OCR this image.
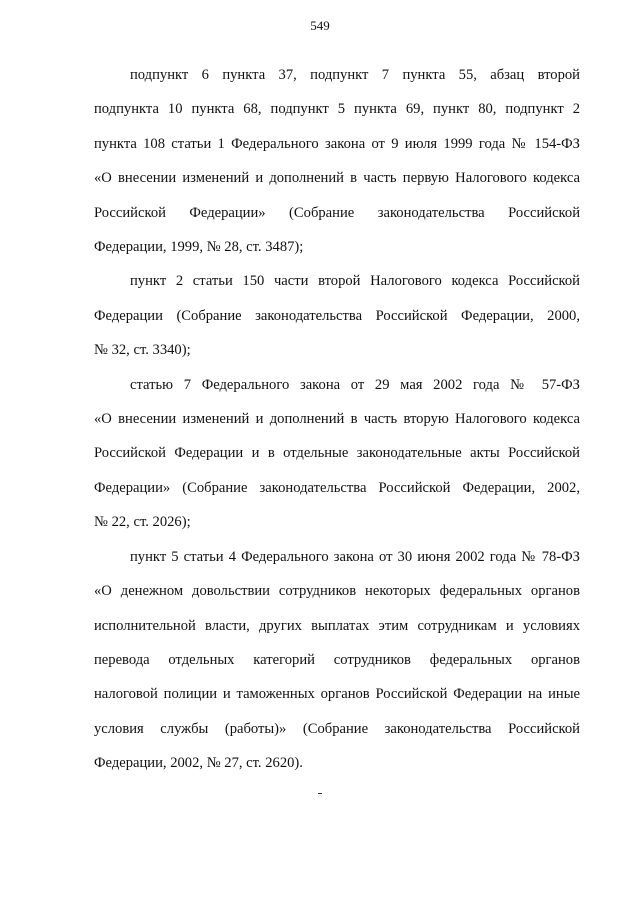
549
подпункт 6 пункта 37, подпункт 7 пункта 55, абзац второй
подпункта 10 пункта 68, подпункт 5 пункта 69, пункт 80, подпункт 2
пункта 108 статьи 1 Федерального закона от 9 июля 1999 года № 154-ФЗ
«О внесении изменений и дополнений в часть первую Налогового кодекса
Российской Федерации» (Собрание законодательства Российской
Федерации, 1999, № 28, ст. 3487);
пункт 2 статьи 150 части второй Налогового кодекса Российской
Федерации (Собрание законодательства Российской Федерации, 2000,
№ 32, ст. 3340);
статью 7 Федерального закона от 29 мая 2002 года № 57-ФЗ
«О внесении изменений и дополнений в часть вторую Налогового кодекса
Российской Федерации и в отдельные законодательные акты Российской
Федерации» (Собрание законодательства Российской Федерации, 2002,
№ 22, ст. 2026);
пункт 5 статьи 4 Федерального закона от 30 июня 2002 года № 78-ФЗ
«О денежном довольствии сотрудников некоторых федеральных органов
исполнительной власти, других выплатах этим сотрудникам и условиях
перевода отдельных категорий сотрудников федеральных органов
налоговой полиции и таможенных органов Российской Федерации на иные
условия службы (работы)» (Собрание законодательства Российской
Федерации, 2002, № 27, ст. 2620).
